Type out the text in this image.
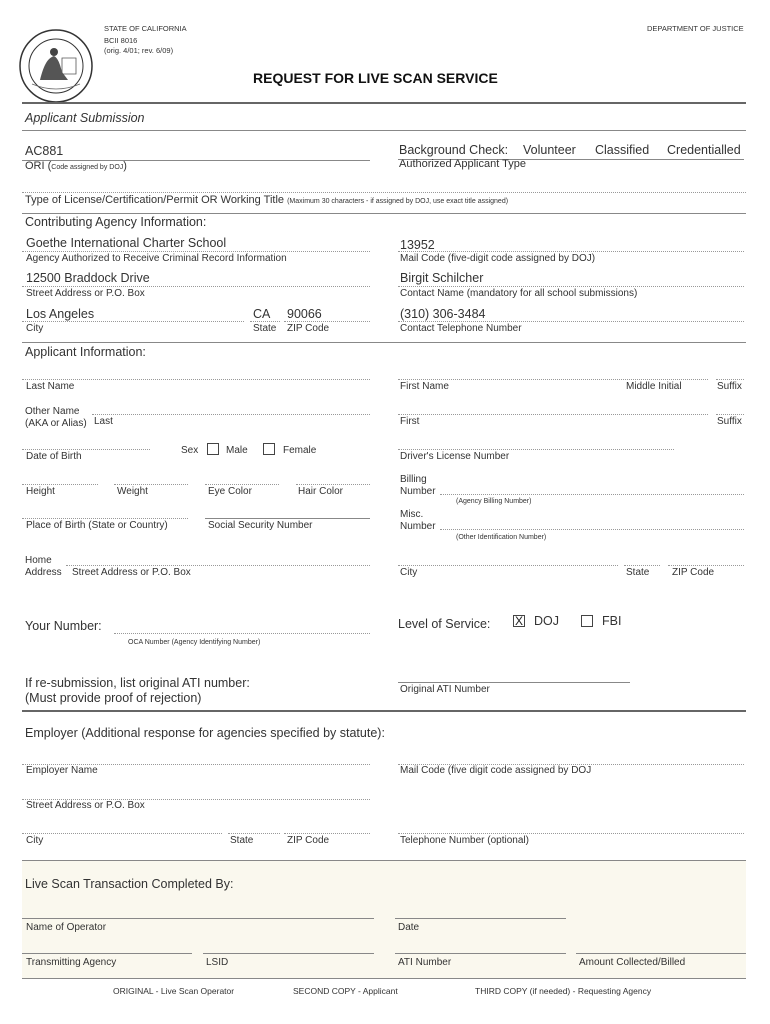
STATE OF CALIFORNIA
BCII 8016
(orig. 4/01; rev. 6/09)
DEPARTMENT OF JUSTICE
REQUEST FOR LIVE SCAN SERVICE
Applicant Submission
AC881
ORI (Code assigned by DOJ)
Background Check: Volunteer Classified Credentialled
Authorized Applicant Type
Type of License/Certification/Permit OR Working Title (Maximum 30 characters - if assigned by DOJ, use exact title assigned)
Contributing Agency Information:
Goethe International Charter School
Agency Authorized to Receive Criminal Record Information
13952
Mail Code (five-digit code assigned by DOJ)
12500 Braddock Drive
Street Address or P.O. Box
Birgit Schilcher
Contact Name (mandatory for all school submissions)
Los Angeles
City
CA
State
90066
ZIP Code
(310) 306-3484
Contact Telephone Number
Applicant Information:
Last Name	First Name	Middle Initial	Suffix
Other Name
(AKA or Alias) Last	First	Suffix
Date of Birth
Sex	Male	Female
Driver's License Number
Height	Weight	Eye Color	Hair Color
Billing
Number
(Agency Billing Number)
Place of Birth (State or Country)	Social Security Number
Misc.
Number
(Other Identification Number)
Home
Address Street Address or P.O. Box	City	State ZIP Code
Your Number:
OCA Number (Agency Identifying Number)
Level of Service: X DOJ	FBI
If re-submission, list original ATI number:
(Must provide proof of rejection)
Original ATI Number
Employer (Additional response for agencies specified by statute):
Employer Name	Mail Code (five digit code assigned by DOJ
Street Address or P.O. Box
City	State	ZIP Code	Telephone Number (optional)
Live Scan Transaction Completed By:
Name of Operator	Date
Transmitting Agency	LSID	ATI Number	Amount Collected/Billed
ORIGINAL - Live Scan Operator	SECOND COPY - Applicant	THIRD COPY (if needed) - Requesting Agency
